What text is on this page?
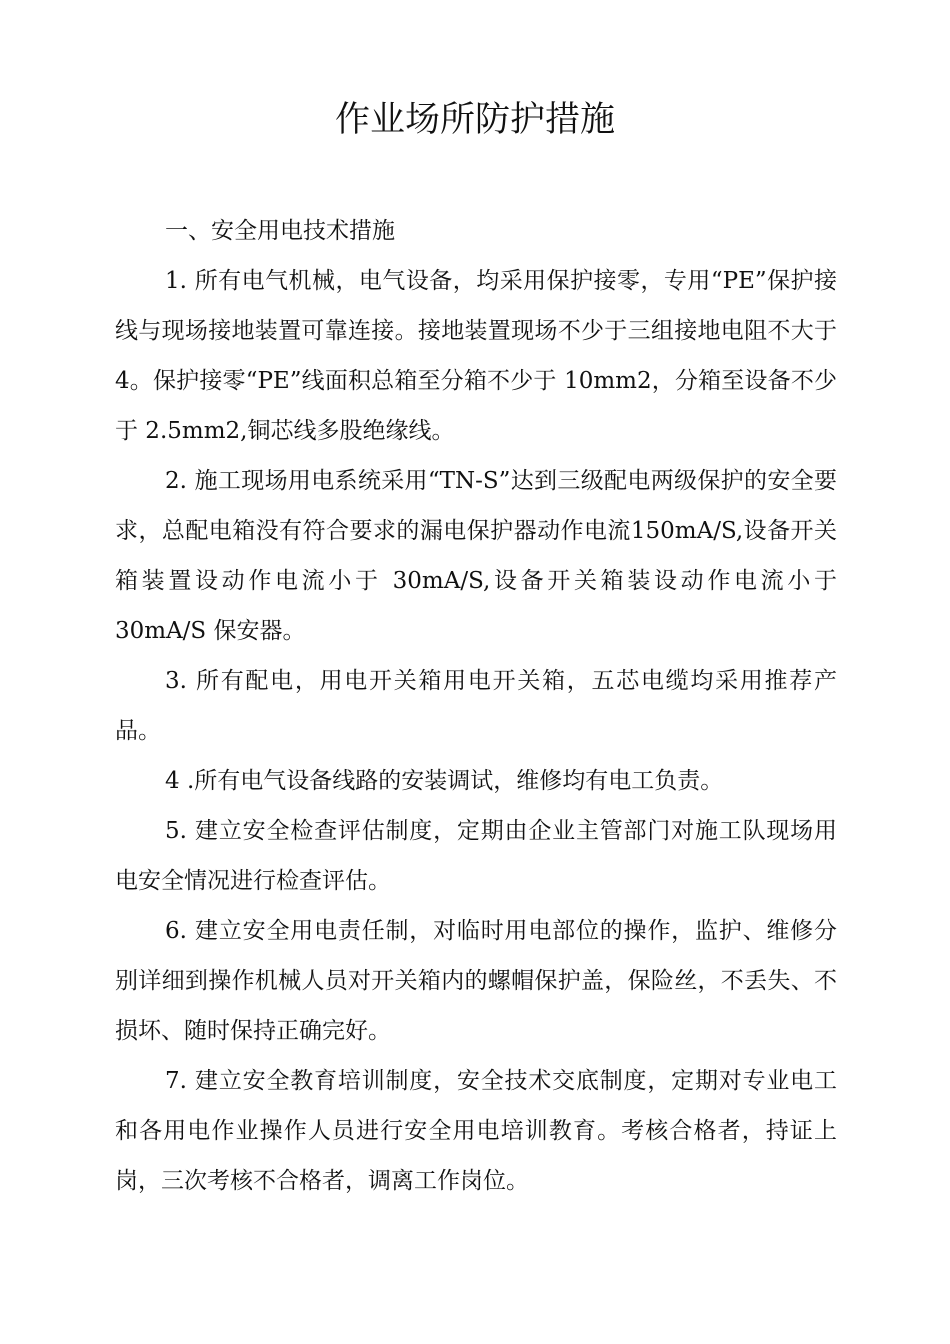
作业场所防护措施

一、安全用电技术措施

1. 所有电气机械，电气设备，均采用保护接零，专用“PE”保护接线与现场接地装置可靠连接。接地装置现场不少于三组接地电阻不大于 4。保护接零“PE”线面积总箱至分箱不少于 10mm2，分箱至设备不少于 2.5mm2,铜芯线多股绝缘线。

2. 施工现场用电系统采用“TN-S”达到三级配电两级保护的安全要求，总配电箱没有符合要求的漏电保护器动作电流150mA/S,设备开关箱装置设动作电流小于 30mA/S,设备开关箱装设动作电流小于 30mA/S 保安器。

3. 所有配电，用电开关箱用电开关箱，五芯电缆均采用推荐产品。

4 .所有电气设备线路的安装调试，维修均有电工负责。

5. 建立安全检查评估制度，定期由企业主管部门对施工队现场用电安全情况进行检查评估。

6. 建立安全用电责任制，对临时用电部位的操作，监护、维修分别详细到操作机械人员对开关箱内的螺帽保护盖，保险丝，不丢失、不损坏、随时保持正确完好。

7. 建立安全教育培训制度，安全技术交底制度，定期对专业电工和各用电作业操作人员进行安全用电培训教育。考核合格者，持证上岗，三次考核不合格者，调离工作岗位。
